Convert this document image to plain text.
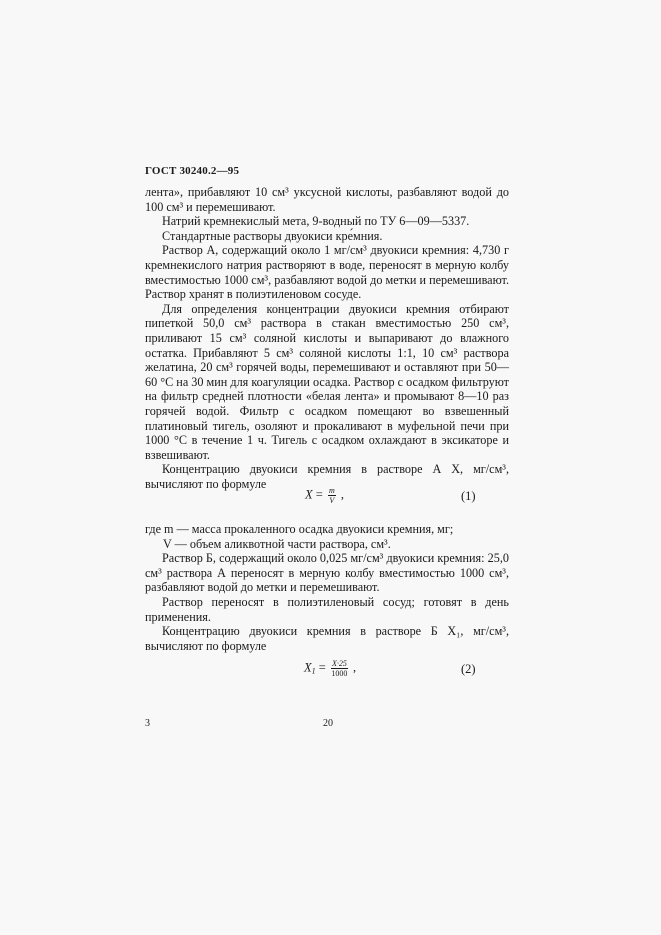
ГОСТ 30240.2—95

лента», прибавляют 10 см³ уксусной кислоты, разбавляют водой до 100 см³ и перемешивают.

Натрий кремнекислый мета, 9-водный по ТУ 6—09—5337.

Стандартные растворы двуокиси кре́мния.

Раствор А, содержащий около 1 мг/см³ двуокиси кремния: 4,730 г кремнекислого натрия растворяют в воде, переносят в мерную колбу вместимостью 1000 см³, разбавляют водой до метки и перемешивают. Раствор хранят в полиэтиленовом сосуде.

Для определения концентрации двуокиси кремния отбирают пипеткой 50,0 см³ раствора в стакан вместимостью 250 см³, приливают 15 см³ соляной кислоты и выпаривают до влажного остатка. Прибавляют 5 см³ соляной кислоты 1:1, 10 см³ раствора желатина, 20 см³ горячей воды, перемешивают и оставляют при 50—60 °С на 30 мин для коагуляции осадка. Раствор с осадком фильтруют на фильтр средней плотности «белая лента» и промывают 8—10 раз горячей водой. Фильтр с осадком помещают во взвешенный платиновый тигель, озоляют и прокаливают в муфельной печи при 1000 °С в течение 1 ч. Тигель с осадком охлаждают в эксикаторе и взвешивают.

Концентрацию двуокиси кремния в растворе А X, мг/см³, вычисляют по формуле

$X = \frac{m}{V}$ ,	(1)

где m — масса прокаленного осадка двуокиси кремния, мг;

V — объем аликвотной части раствора, см³.

Раствор Б, содержащий около 0,025 мг/см³ двуокиси кремния: 25,0 см³ раствора А переносят в мерную колбу вместимостью 1000 см³, разбавляют водой до метки и перемешивают.

Раствор переносят в полиэтиленовый сосуд; готовят в день применения.

Концентрацию двуокиси кремния в растворе Б X₁, мг/см³, вычисляют по формуле

$X_1 = \frac{X\cdot 25}{1000}$ ,	(2)
3	20
